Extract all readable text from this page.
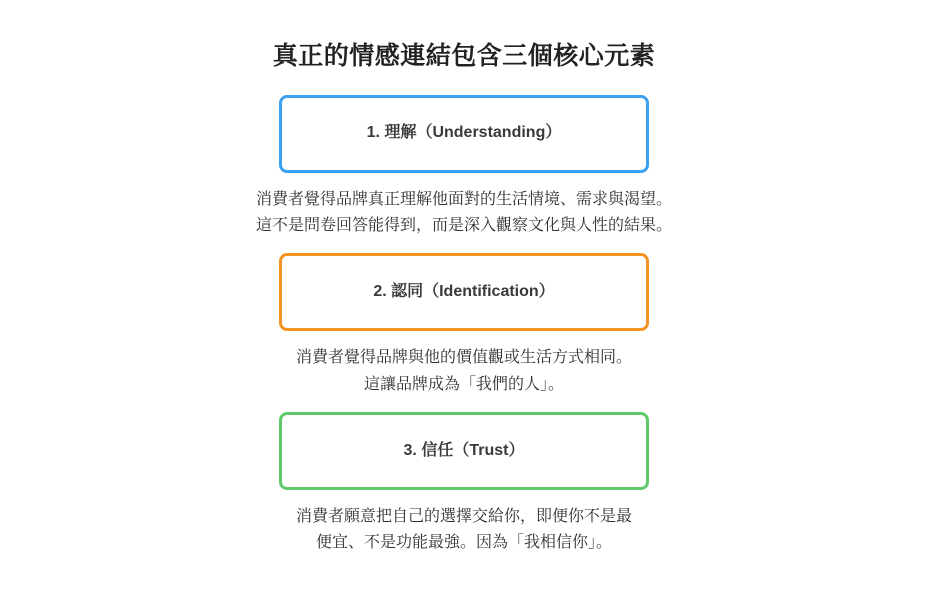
真正的情感連結包含三個核心元素
1. 理解（Understanding）
消費者覺得品牌真正理解他面對的生活情境、需求與渴望。
這不是問卷回答能得到，而是深入觀察文化與人性的結果。
2. 認同（Identification）
消費者覺得品牌與他的價值觀或生活方式相同。
這讓品牌成為「我們的人」。
3. 信任（Trust）
消費者願意把自己的選擇交給你，即便你不是最
便宜、不是功能最強。因為「我相信你」。
